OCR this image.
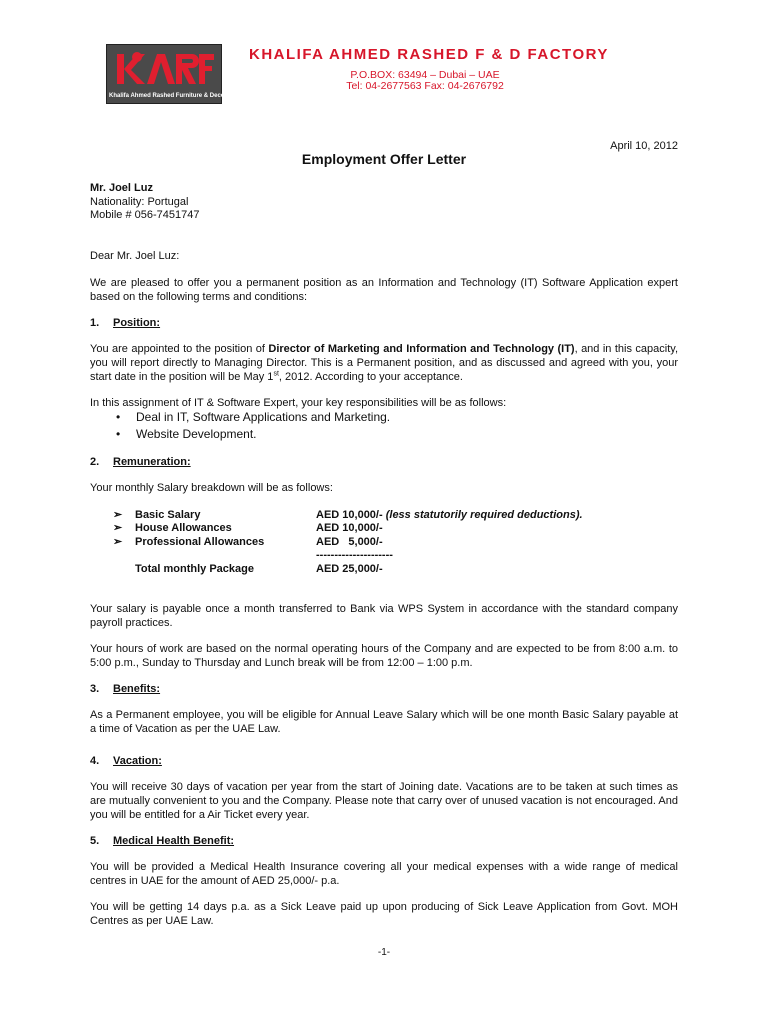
Khalifa Ahmed Rashed Furniture & Decor Factory
KHALIFA AHMED RASHED F & D FACTORY
P.O.BOX: 63494 – Dubai – UAE
Tel: 04-2677563 Fax: 04-2676792
April 10, 2012
Employment Offer Letter
Mr. Joel Luz
Nationality: Portugal
Mobile # 056-7451747
Dear Mr. Joel Luz:
We are pleased to offer you a permanent position as an Information and Technology (IT) Software Application expert based on the following terms and conditions:
1. Position:
You are appointed to the position of Director of Marketing and Information and Technology (IT), and in this capacity, you will report directly to Managing Director. This is a Permanent position, and as discussed and agreed with you, your start date in the position will be May 1st, 2012. According to your acceptance.
In this assignment of IT & Software Expert, your key responsibilities will be as follows:
• Deal in IT, Software Applications and Marketing.
• Website Development.
2. Remuneration:
Your monthly Salary breakdown will be as follows:
➢ Basic Salary	AED 10,000/- (less statutorily required deductions).
➢ House Allowances	AED 10,000/-
➢ Professional Allowances	AED   5,000/-
---------------------
Total monthly Package	AED 25,000/-
Your salary is payable once a month transferred to Bank via WPS System in accordance with the standard company payroll practices.
Your hours of work are based on the normal operating hours of the Company and are expected to be from 8:00 a.m. to 5:00 p.m., Sunday to Thursday and Lunch break will be from 12:00 – 1:00 p.m.
3. Benefits:
As a Permanent employee, you will be eligible for Annual Leave Salary which will be one month Basic Salary payable at a time of Vacation as per the UAE Law.
4. Vacation:
You will receive 30 days of vacation per year from the start of Joining date. Vacations are to be taken at such times as are mutually convenient to you and the Company. Please note that carry over of unused vacation is not encouraged. And you will be entitled for a Air Ticket every year.
5. Medical Health Benefit:
You will be provided a Medical Health Insurance covering all your medical expenses with a wide range of medical centres in UAE for the amount of AED 25,000/- p.a.
You will be getting 14 days p.a. as a Sick Leave paid up upon producing of Sick Leave Application from Govt. MOH Centres as per UAE Law.
-1-
